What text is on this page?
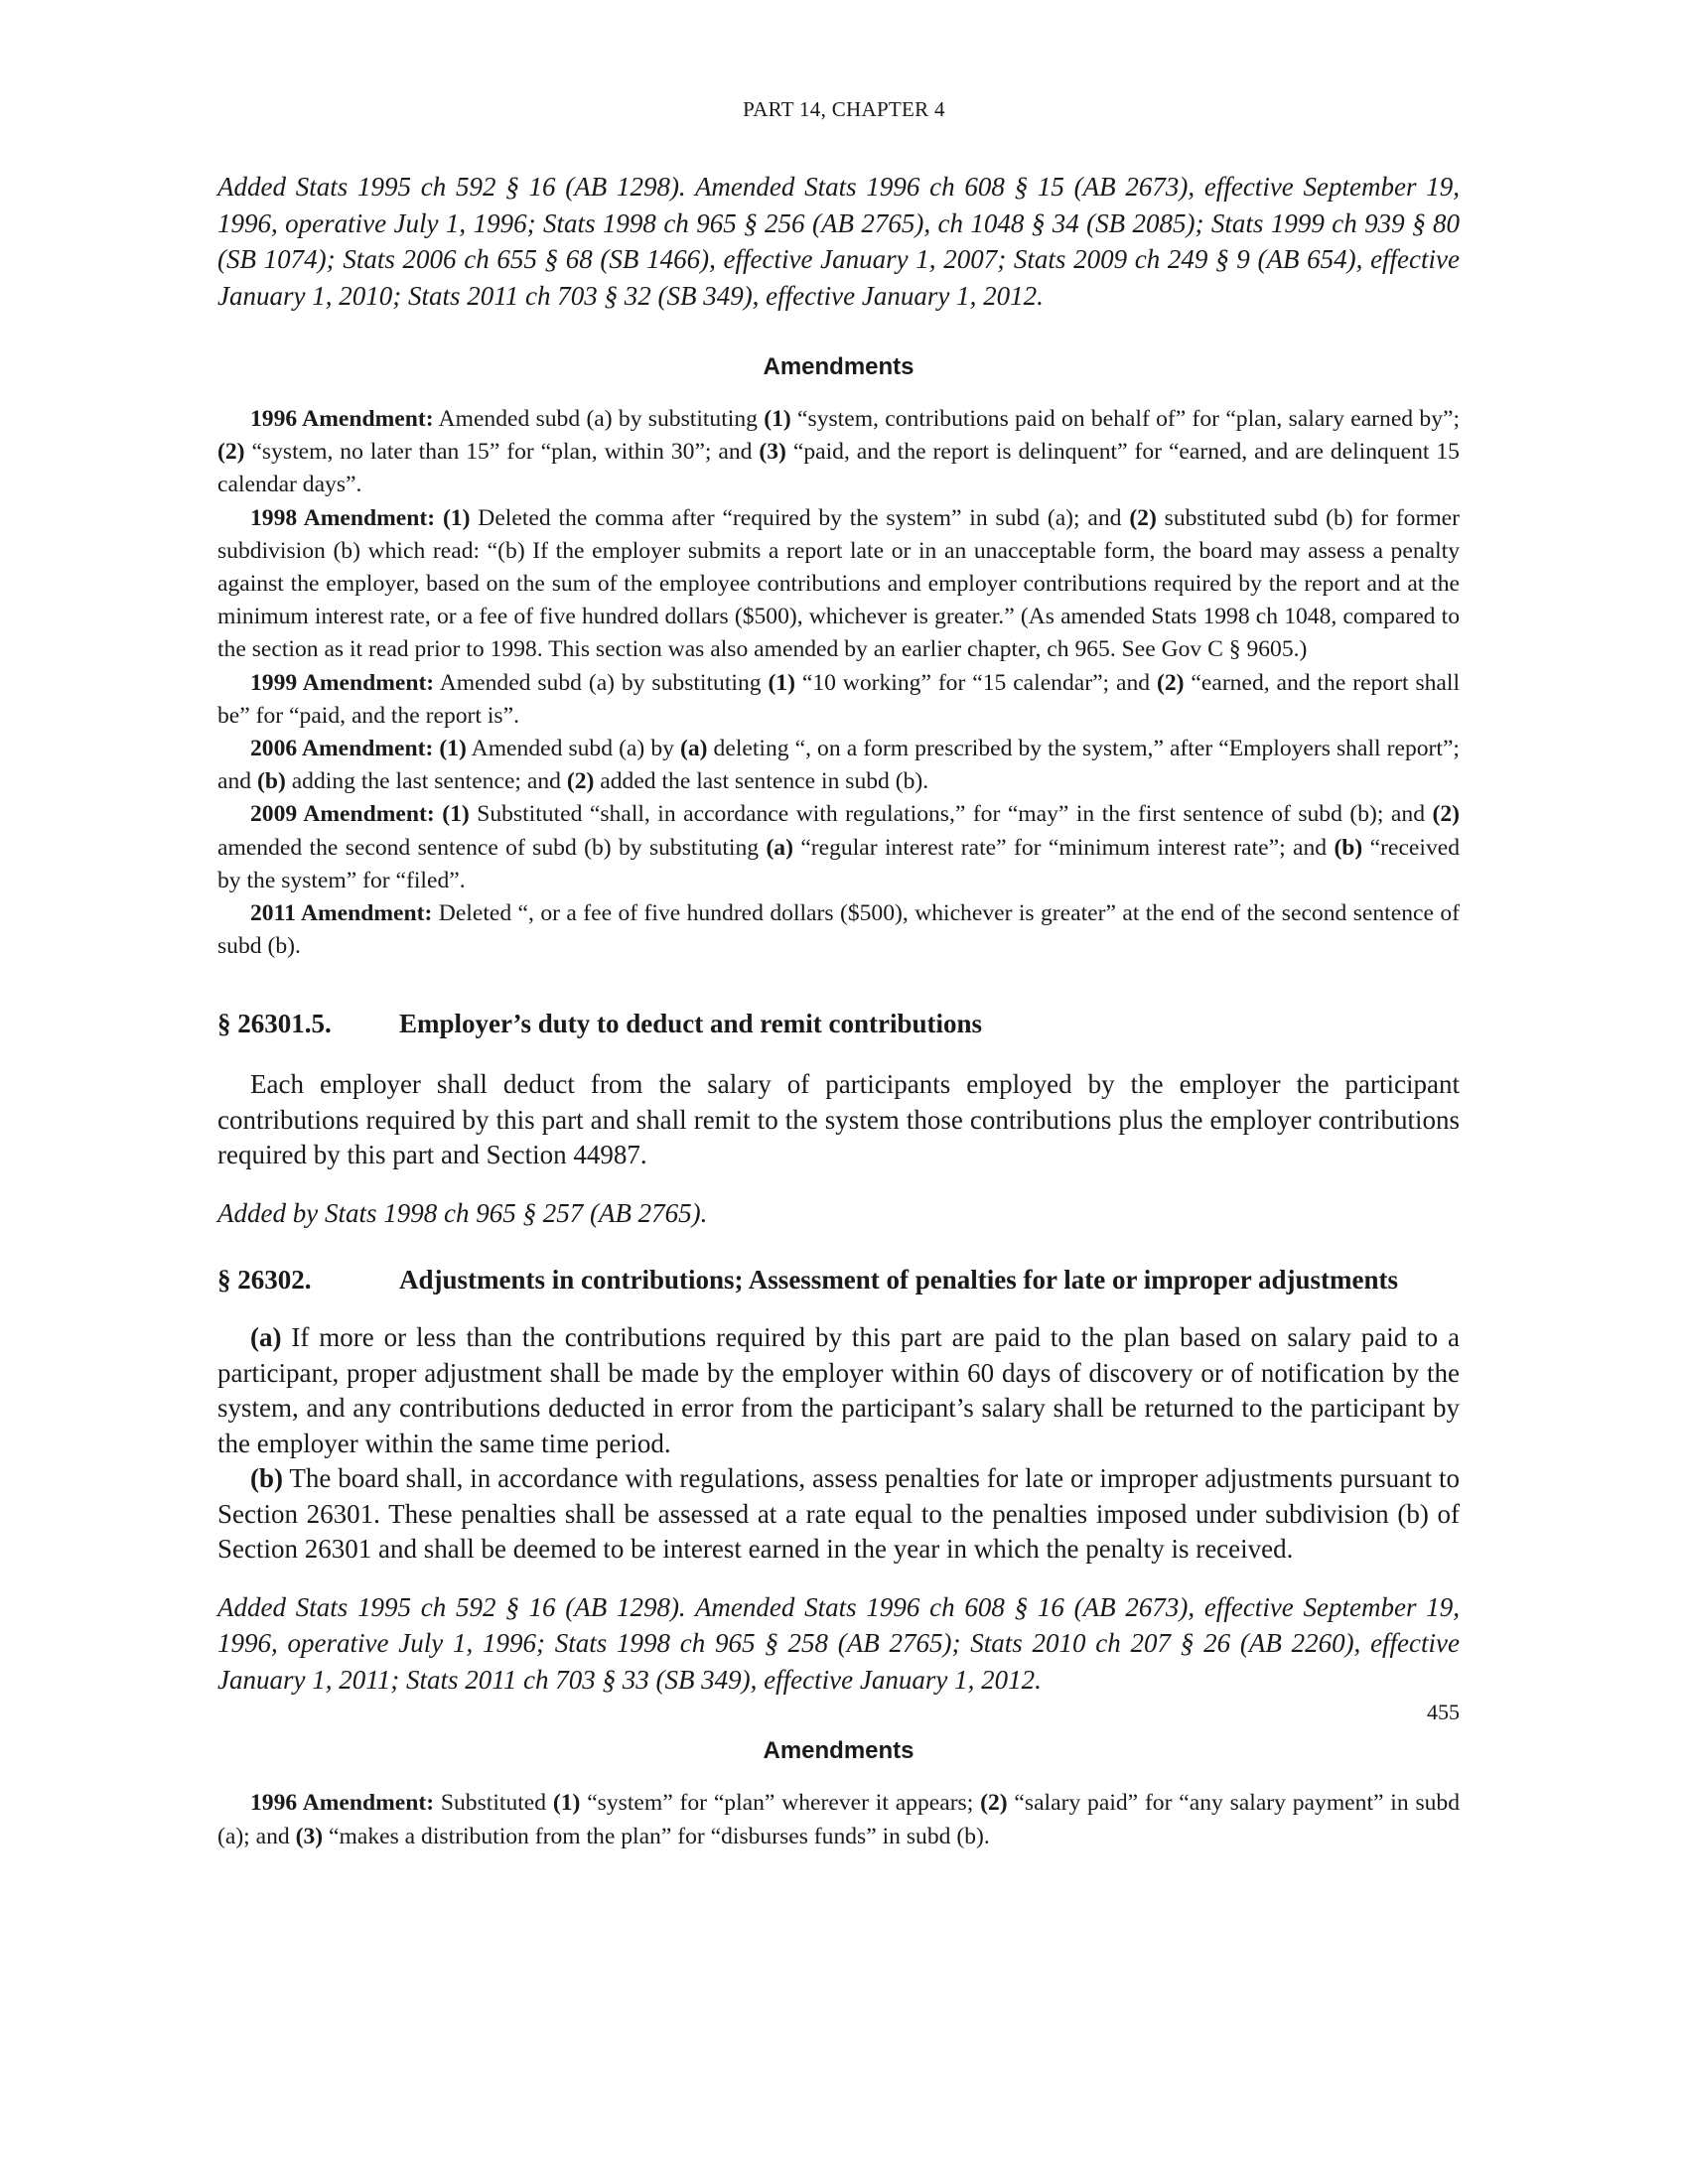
PART 14, CHAPTER 4

Added Stats 1995 ch 592 § 16 (AB 1298). Amended Stats 1996 ch 608 § 15 (AB 2673), effective September 19, 1996, operative July 1, 1996; Stats 1998 ch 965 § 256 (AB 2765), ch 1048 § 34 (SB 2085); Stats 1999 ch 939 § 80 (SB 1074); Stats 2006 ch 655 § 68 (SB 1466), effective January 1, 2007; Stats 2009 ch 249 § 9 (AB 654), effective January 1, 2010; Stats 2011 ch 703 § 32 (SB 349), effective January 1, 2012.

Amendments

1996 Amendment: Amended subd (a) by substituting (1) “system, contributions paid on behalf of” for “plan, salary earned by”; (2) “system, no later than 15” for “plan, within 30”; and (3) “paid, and the report is delinquent” for “earned, and are delinquent 15 calendar days”.

1998 Amendment: (1) Deleted the comma after “required by the system” in subd (a); and (2) substituted subd (b) for former subdivision (b) which read: “(b) If the employer submits a report late or in an unacceptable form, the board may assess a penalty against the employer, based on the sum of the employee contributions and employer contributions required by the report and at the minimum interest rate, or a fee of five hundred dollars ($500), whichever is greater.” (As amended Stats 1998 ch 1048, compared to the section as it read prior to 1998. This section was also amended by an earlier chapter, ch 965. See Gov C § 9605.)

1999 Amendment: Amended subd (a) by substituting (1) “10 working” for “15 calendar”; and (2) “earned, and the report shall be” for “paid, and the report is”.

2006 Amendment: (1) Amended subd (a) by (a) deleting “, on a form prescribed by the system,” after “Employers shall report”; and (b) adding the last sentence; and (2) added the last sentence in subd (b).

2009 Amendment: (1) Substituted “shall, in accordance with regulations,” for “may” in the first sentence of subd (b); and (2) amended the second sentence of subd (b) by substituting (a) “regular interest rate” for “minimum interest rate”; and (b) “received by the system” for “filed”.

2011 Amendment: Deleted “, or a fee of five hundred dollars ($500), whichever is greater” at the end of the second sentence of subd (b).

§ 26301.5.	Employer’s duty to deduct and remit contributions

Each employer shall deduct from the salary of participants employed by the employer the participant contributions required by this part and shall remit to the system those contributions plus the employer contributions required by this part and Section 44987.

Added by Stats 1998 ch 965 § 257 (AB 2765).

§ 26302.	Adjustments in contributions; Assessment of penalties for late or improper adjustments

(a) If more or less than the contributions required by this part are paid to the plan based on salary paid to a participant, proper adjustment shall be made by the employer within 60 days of discovery or of notification by the system, and any contributions deducted in error from the participant’s salary shall be returned to the participant by the employer within the same time period.

(b) The board shall, in accordance with regulations, assess penalties for late or improper adjustments pursuant to Section 26301. These penalties shall be assessed at a rate equal to the penalties imposed under subdivision (b) of Section 26301 and shall be deemed to be interest earned in the year in which the penalty is received.

Added Stats 1995 ch 592 § 16 (AB 1298). Amended Stats 1996 ch 608 § 16 (AB 2673), effective September 19, 1996, operative July 1, 1996; Stats 1998 ch 965 § 258 (AB 2765); Stats 2010 ch 207 § 26 (AB 2260), effective January 1, 2011; Stats 2011 ch 703 § 33 (SB 349), effective January 1, 2012.

Amendments

1996 Amendment: Substituted (1) “system” for “plan” wherever it appears; (2) “salary paid” for “any salary payment” in subd (a); and (3) “makes a distribution from the plan” for “disburses funds” in subd (b).

455
